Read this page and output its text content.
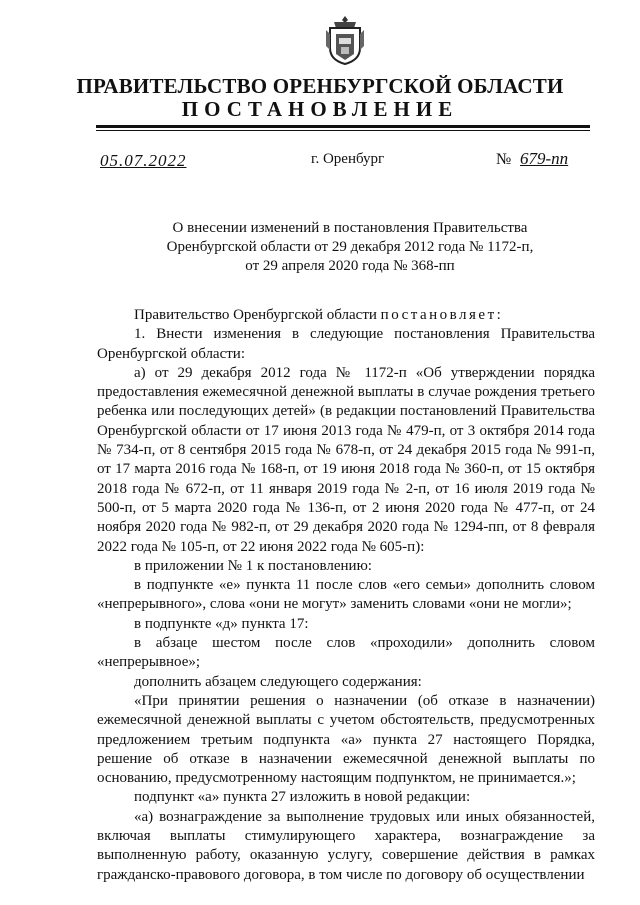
ПРАВИТЕЛЬСТВО ОРЕНБУРГСКОЙ ОБЛАСТИ
ПОСТАНОВЛЕНИЕ
05.07.2022	г. Оренбург	№ 679-пп
О внесении изменений в постановления Правительства
Оренбургской области от 29 декабря 2012 года № 1172-п,
от 29 апреля 2020 года № 368-пп

Правительство Оренбургской области постановляет:

1. Внести изменения в следующие постановления Правительства Оренбургской области:

а) от 29 декабря 2012 года № 1172-п «Об утверждении порядка предоставления ежемесячной денежной выплаты в случае рождения третьего ребенка или последующих детей» (в редакции постановлений Правительства Оренбургской области от 17 июня 2013 года № 479-п, от 3 октября 2014 года № 734-п, от 8 сентября 2015 года № 678-п, от 24 декабря 2015 года № 991-п, от 17 марта 2016 года № 168-п, от 19 июня 2018 года № 360-п, от 15 октября 2018 года № 672-п, от 11 января 2019 года № 2-п, от 16 июля 2019 года № 500-п, от 5 марта 2020 года № 136-п, от 2 июня 2020 года № 477-п, от 24 ноября 2020 года № 982-п, от 29 декабря 2020 года № 1294-пп, от 8 февраля 2022 года № 105-п, от 22 июня 2022 года № 605-п):

в приложении № 1 к постановлению:

в подпункте «е» пункта 11 после слов «его семьи» дополнить словом «непрерывного», слова «они не могут» заменить словами «они не могли»;

в подпункте «д» пункта 17:

в абзаце шестом после слов «проходили» дополнить словом «непрерывное»;

дополнить абзацем следующего содержания:

«При принятии решения о назначении (об отказе в назначении) ежемесячной денежной выплаты с учетом обстоятельств, предусмотренных предложением третьим подпункта «а» пункта 27 настоящего Порядка, решение об отказе в назначении ежемесячной денежной выплаты по основанию, предусмотренному настоящим подпунктом, не принимается.»;

подпункт «а» пункта 27 изложить в новой редакции:

«а) вознаграждение за выполнение трудовых или иных обязанностей, включая выплаты стимулирующего характера, вознаграждение за выполненную работу, оказанную услугу, совершение действия в рамках гражданско-правового договора, в том числе по договору об осуществлении
